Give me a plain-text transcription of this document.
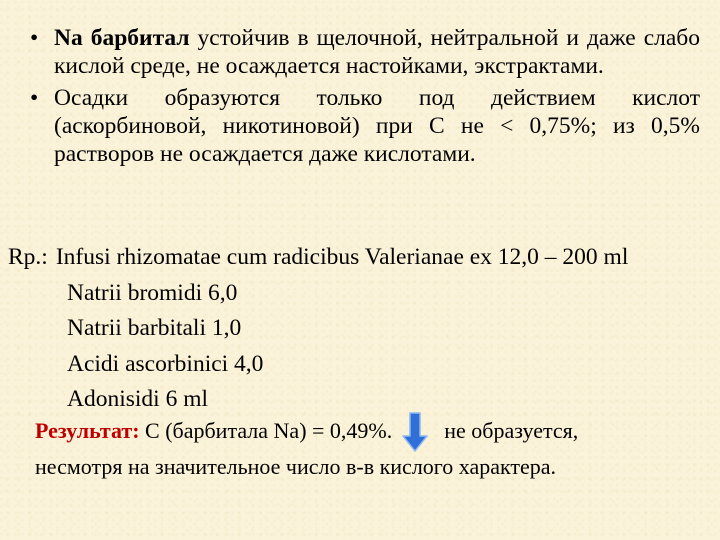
• Na барбитал устойчив в щелочной, нейтральной и даже слабо кислой среде, не осаждается настойками, экстрактами.
• Осадки образуются только под действием кислот (аскорбиновой, никотиновой) при С не < 0,75%; из 0,5% растворов не осаждается даже кислотами.
Rp.: Infusi rhizomatae cum radicibus Valerianae ex 12,0 – 200 ml
Natrii bromidi 6,0
Natrii barbitali 1,0
Acidi ascorbinici 4,0
Adonisidi 6 ml
Результат: С (барбитала Na) = 0,49%. не образуется,
несмотря на значительное число в-в кислого характера.
